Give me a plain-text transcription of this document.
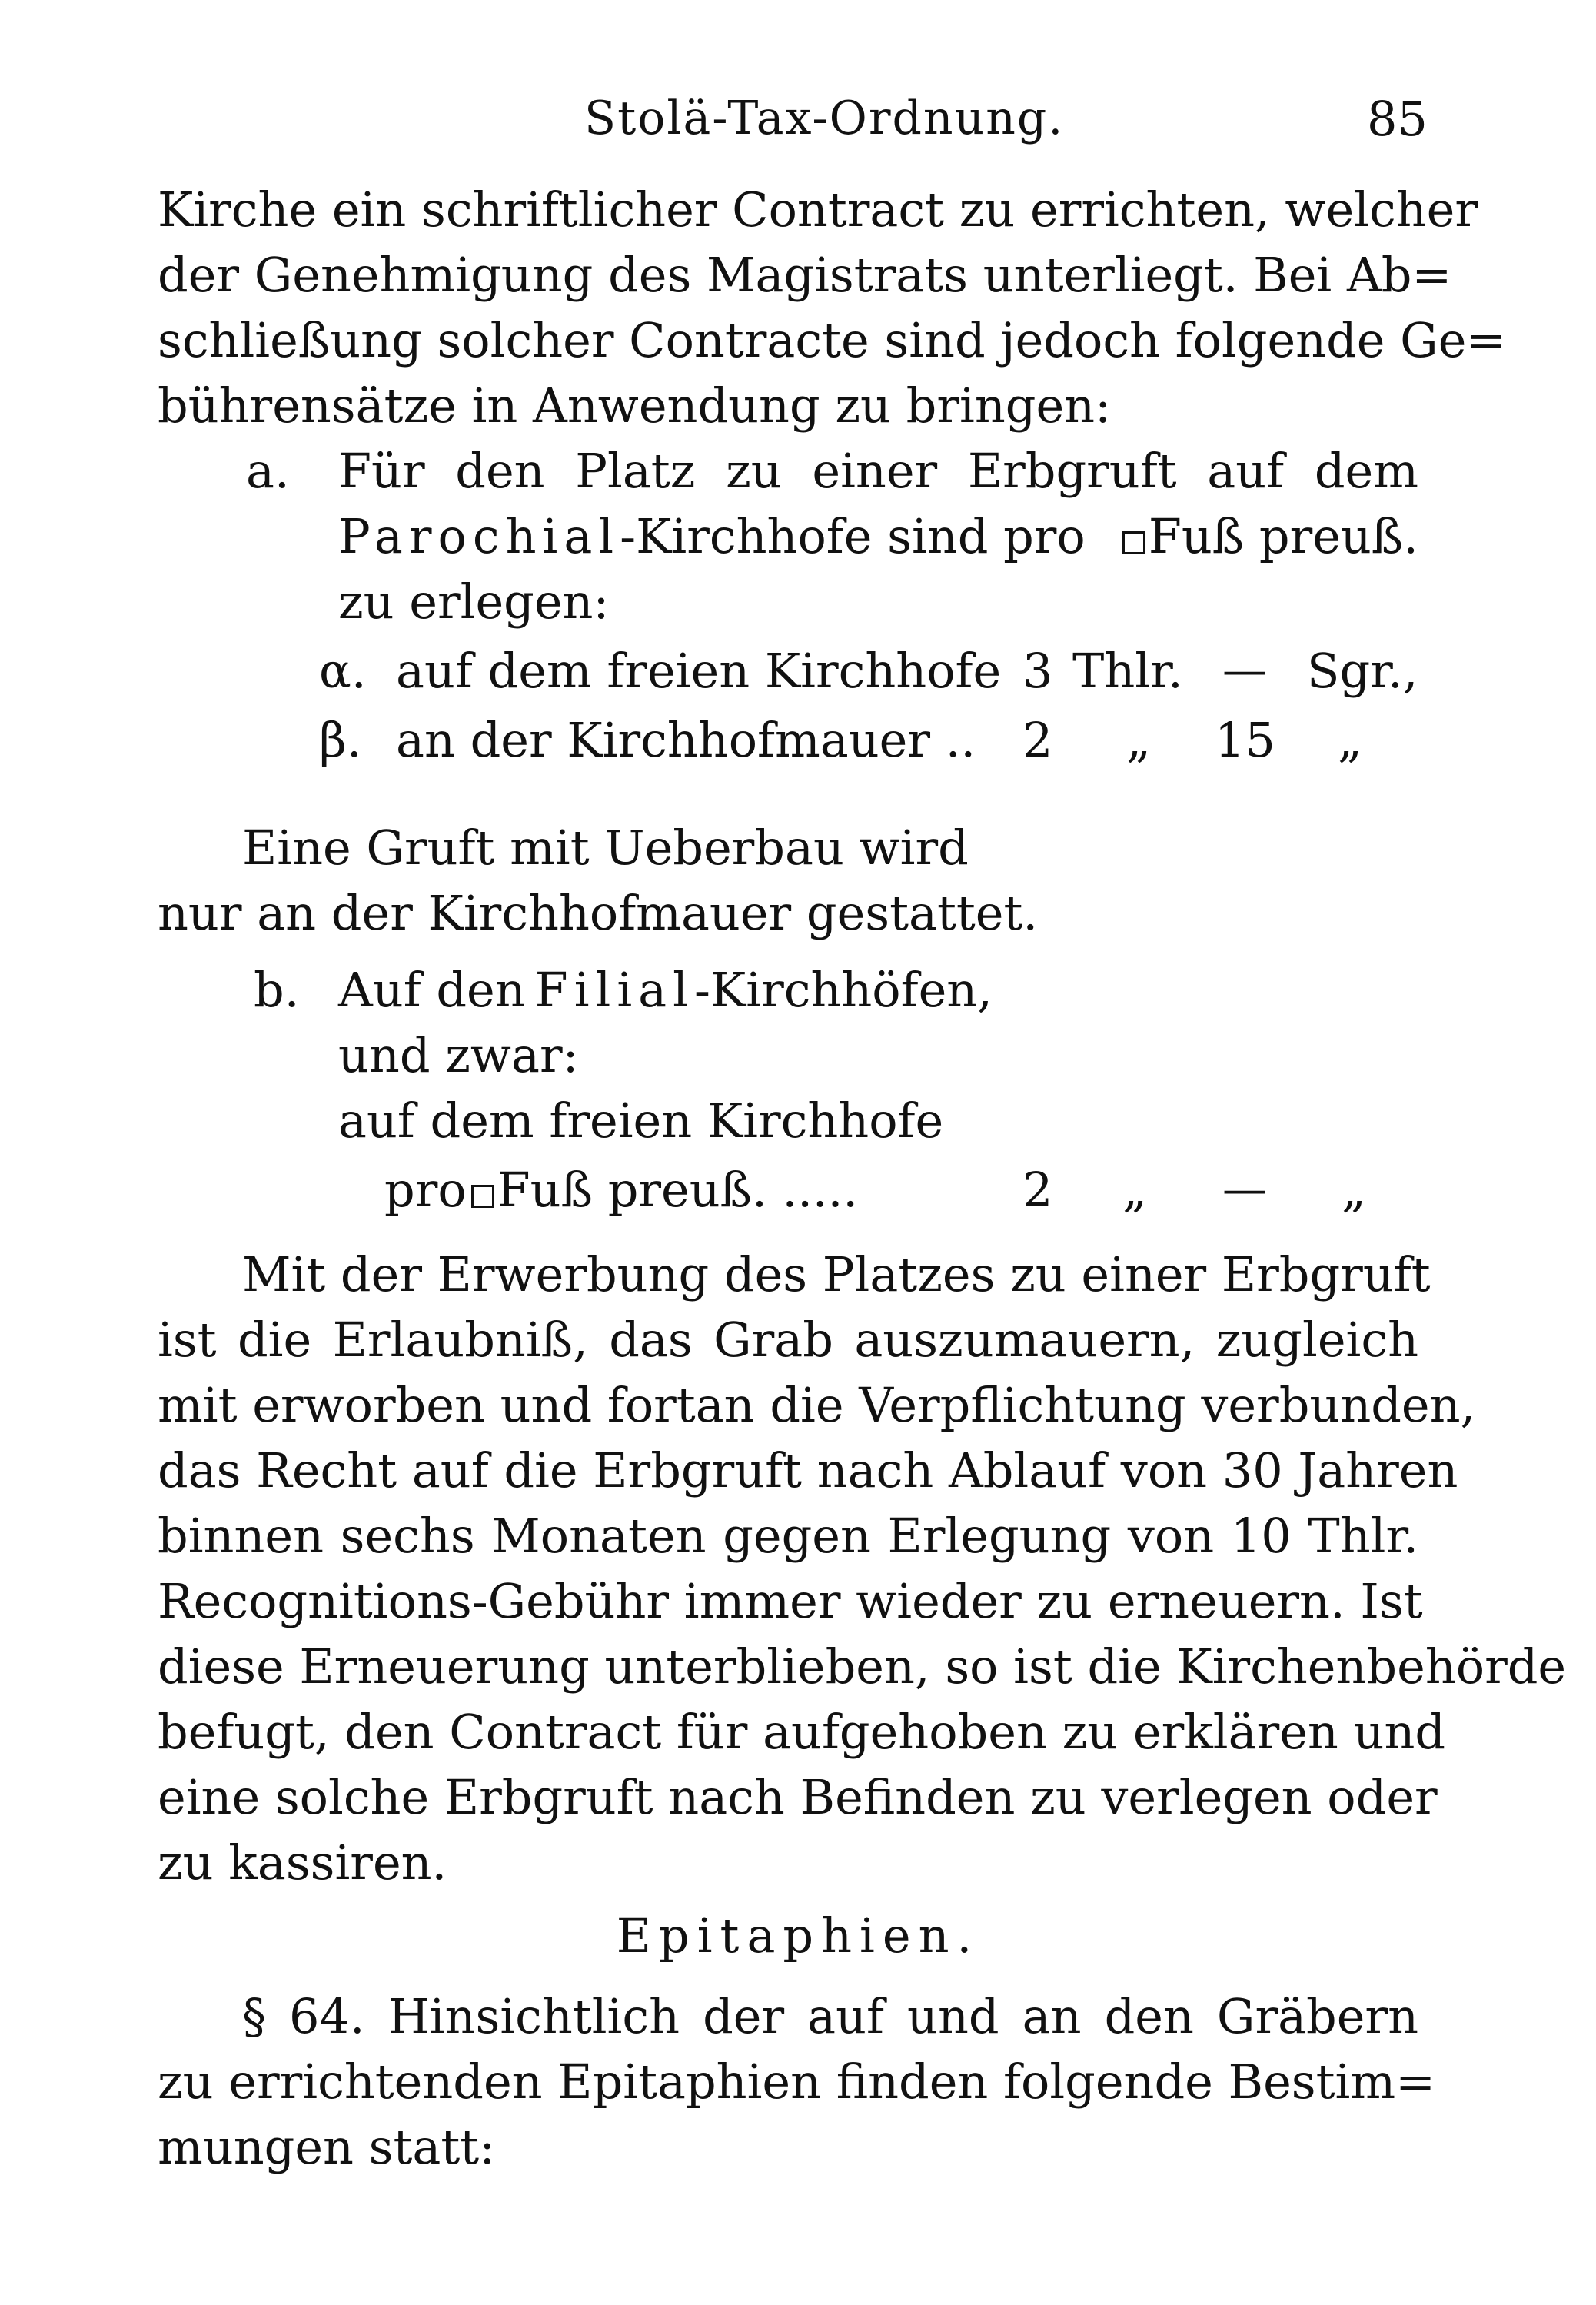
Stolä-Tax-Ordnung.	85
Kirche ein schriftlicher Contract zu errichten, welcher
der Genehmigung des Magistrats unterliegt. Bei Ab=
schließung solcher Contracte sind jedoch folgende Ge=
bührensätze in Anwendung zu bringen:
a. Für den Platz zu einer Erbgruft auf dem
Parochial-Kirchhofe sind pro	Fuß preuß.
zu erlegen:
α. auf dem freien Kirchhofe 3 Thlr. — Sgr.,
β. an der Kirchhofmauer .. 2 „ 15 „
Eine Gruft mit Ueberbau wird
nur an der Kirchhofmauer gestattet.
b. Auf den Filial-Kirchhöfen,
und zwar:
auf dem freien Kirchhofe
pro Fuß preuß. .....	2 „ — „
Mit der Erwerbung des Platzes zu einer Erbgruft
ist die Erlaubniß, das Grab auszumauern, zugleich
mit erworben und fortan die Verpflichtung verbunden,
das Recht auf die Erbgruft nach Ablauf von 30 Jahren
binnen sechs Monaten gegen Erlegung von 10 Thlr.
Recognitions-Gebühr immer wieder zu erneuern. Ist
diese Erneuerung unterblieben, so ist die Kirchenbehörde
befugt, den Contract für aufgehoben zu erklären und
eine solche Erbgruft nach Befinden zu verlegen oder
zu kassiren.
Epitaphien.
§ 64. Hinsichtlich der auf und an den Gräbern
zu errichtenden Epitaphien finden folgende Bestim=
mungen statt:
